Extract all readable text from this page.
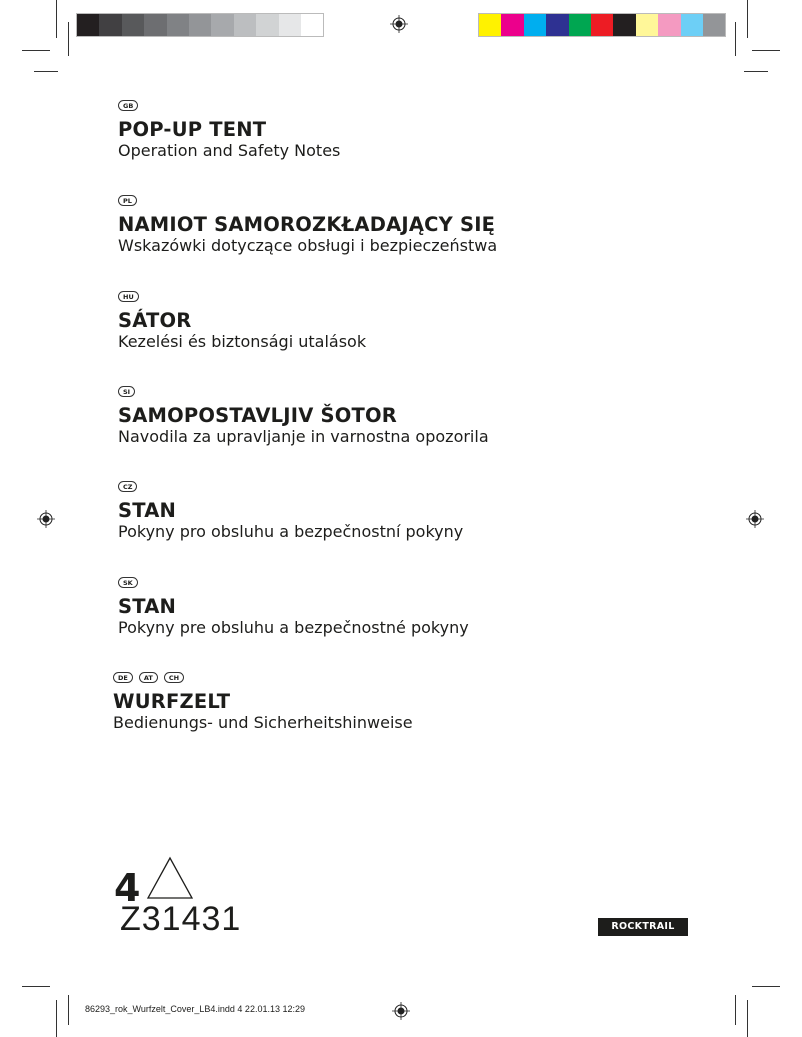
GB
POP-UP TENT
Operation and Safety Notes
PL
NAMIOT SAMOROZKŁADAJĄCY SIĘ
Wskazówki dotyczące obsługi i bezpieczeństwa
HU
SÁTOR
Kezelési és biztonsági utalások
SI
SAMOPOSTAVLJIV ŠOTOR
Navodila za upravljanje in varnostna opozorila
CZ
STAN
Pokyny pro obsluhu a bezpečnostní pokyny
SK
STAN
Pokyny pre obsluhu a bezpečnostné pokyny
DE	AT	CH
WURFZELT
Bedienungs- und Sicherheitshinweise
4
Z31431	ROCKTRAIL
86293_rok_Wurfzelt_Cover_LB4.indd 4 22.01.13 12:29
